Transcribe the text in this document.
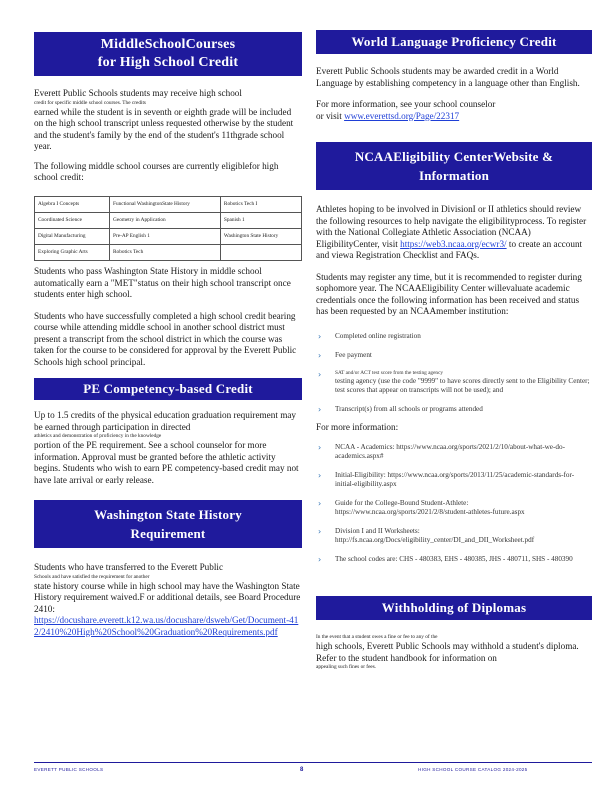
MiddleSchoolCourses
for High School Credit

Everett Public Schools students may receive high school

credit for specific middle school courses. The credits

earned while the student is in seventh or eighth grade will be included on the high school transcript unless requested otherwise by the student and the student's family by the end of the student's 11thgrade school year.

The following middle school courses are currently eligiblefor high school credit:

Algebra I Concepts	Functional WashingtonState History	Robotics Tech I
Coordinated Science	Geometry in Application	Spanish 1
Digital Manufacturing	Pre-AP English 1	Washington State History
Exploring Graphic Arts	Robotics Tech	

Students who pass Washington State History in middle school automatically earn a "MET"status on their high school transcript once students enter high school.

Students who have successfully completed a high school credit bearing course while attending middle school in another school district must present a transcript from the school district in which the course was taken for the course to be considered for approval by the Everett Public Schools high school principal.

PE Competency-based Credit

Up to 1.5 credits of the physical education graduation requirement may be earned through participation in directed

athletics and demonstration of proficiency in the knowledge

portion of the PE requirement. See a school counselor for more information. Approval must be granted before the athletic activity begins. Students who wish to earn PE competency-based credit may not have late arrival or early release.

Washington State History
Requirement

Students who have transferred to the Everett Public

Schools and have satisfied the requirement for another

state history course while in high school may have the Washington State History requirement waived.F or additional details, see Board Procedure 2410:

https://docushare.everett.k12.wa.us/docushare/dsweb/Get/Document-412/2410%20High%20School%20Graduation%20Requirements.pdf

World Language Proficiency Credit

Everett Public Schools students may be awarded credit in a World Language by establishing competency in a language other than English.

For more information, see your school counselor

or visit www.everettsd.org/Page/22317

NCAAEligibility CenterWebsite &
Information

Athletes hoping to be involved in DivisionI or II athletics should review the following resources to help navigate the eligibilityprocess. To register with the National Collegiate Athletic Association (NCAA) EligibilityCenter, visit https://web3.ncaa.org/ecwr3/ to create an account and viewa Registration Checklist and FAQs.

Students may register any time, but it is recommended to register during sophomore year. The NCAAEligibility Center willevaluate academic credentials once the following information has been received and status has been requested by an NCAAmember institution:

› Completed online registration
› Fee payment
›	SAT and/or ACT test score from the testing agency
testing agency (use the code "9999" to have scores directly sent to the Eligibility Center; test scores that appear on transcripts will not be used); and
› Transcript(s) from all schools or programs attended

For more information:

› NCAA - Academics: https://www.ncaa.org/sports/2021/2/10/about-what-we-do-academics.aspx#
› Initial-Eligibility: https://www.ncaa.org/sports/2013/11/25/academic-standards-for-initial-eligibility.aspx
› Guide for the College-Bound Student-Athlete: https://www.ncaa.org/sports/2021/2/8/student-athletes-future.aspx
› Division I and II Worksheets: http://fs.ncaa.org/Docs/eligibility_center/DI_and_DII_Worksheet.pdf
› The school codes are: CHS - 480383, EHS - 480385, JHS - 480711, SHS - 480390
Withholding of Diplomas

In the event that a student owes a fine or fee to any of the

high schools, Everett Public Schools may withhold a student's diploma. Refer to the student handbook for information on

appealing such fines or fees.

EVERETT PUBLIC SCHOOLS	8	HIGH SCHOOL COURSE CATALOG 2024-2025
